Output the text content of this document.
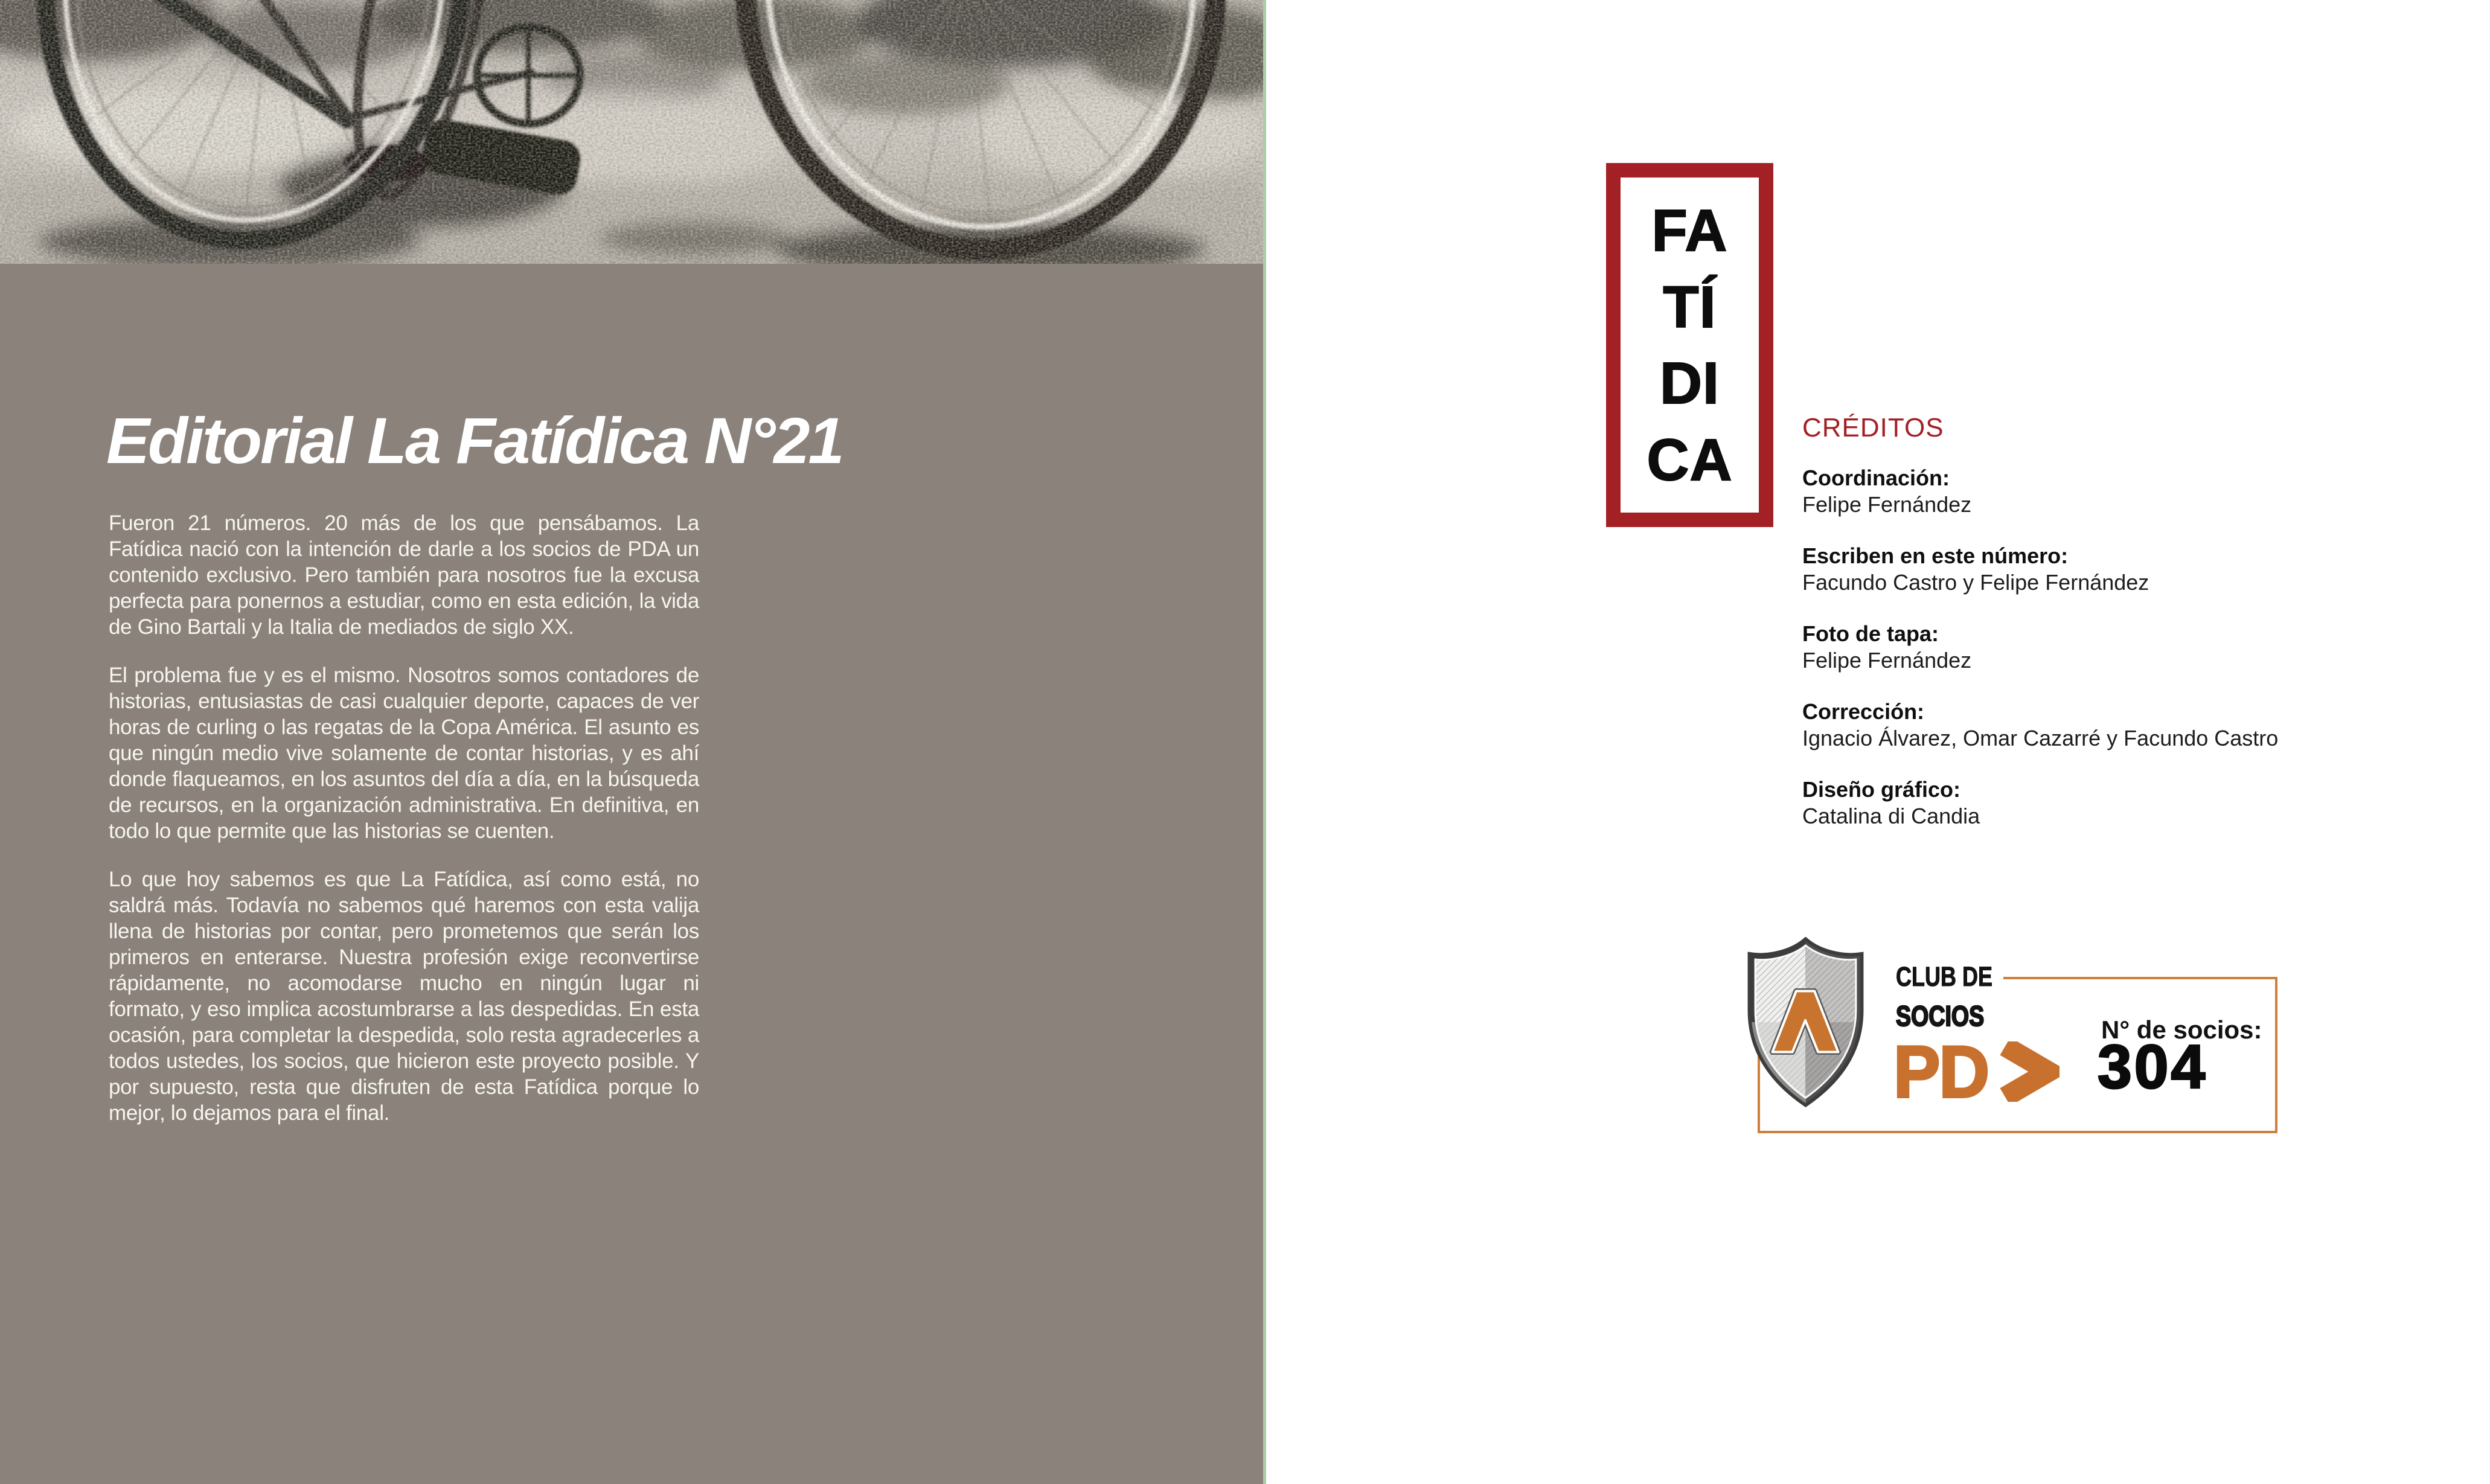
Editorial La Fatídica N°21

Fueron 21 números. 20 más de los que pensábamos. La Fatídica nació con la intención de darle a los socios de PDA un contenido exclusivo. Pero también para nosotros fue la excusa perfecta para ponernos a estudiar, como en esta edición, la vida de Gino Bartali y la Italia de mediados de siglo XX.

El problema fue y es el mismo. Nosotros somos contadores de historias, entusiastas de casi cualquier deporte, capaces de ver horas de curling o las regatas de la Copa América. El asunto es que ningún medio vive solamente de contar historias, y es ahí donde flaqueamos, en los asuntos del día a día, en la búsqueda de recursos, en la organización administrativa. En definitiva, en todo lo que permite que las historias se cuenten.

Lo que hoy sabemos es que La Fatídica, así como está, no saldrá más. Todavía no sabemos qué haremos con esta valija llena de historias por contar, pero prometemos que serán los primeros en enterarse. Nuestra profesión exige reconvertirse rápidamente, no acomodarse mucho en ningún lugar ni formato, y eso implica acostumbrarse a las despedidas. En esta ocasión, para completar la despedida, solo resta agradecerles a todos ustedes, los socios, que hicieron este proyecto posible. Y por supuesto, resta que disfruten de esta Fatídica porque lo mejor, lo dejamos para el final.

FA
TÍ
DI
CA	CRÉDITOS
Coordinación:
Felipe Fernández
Escriben en este número:
Facundo Castro y Felipe Fernández
Foto de tapa:
Felipe Fernández
Corrección:
Ignacio Álvarez, Omar Cazarré y Facundo Castro
Diseño gráfico:
Catalina di Candia
CLUB DE
SOCIOS
PD
N° de socios:
304
